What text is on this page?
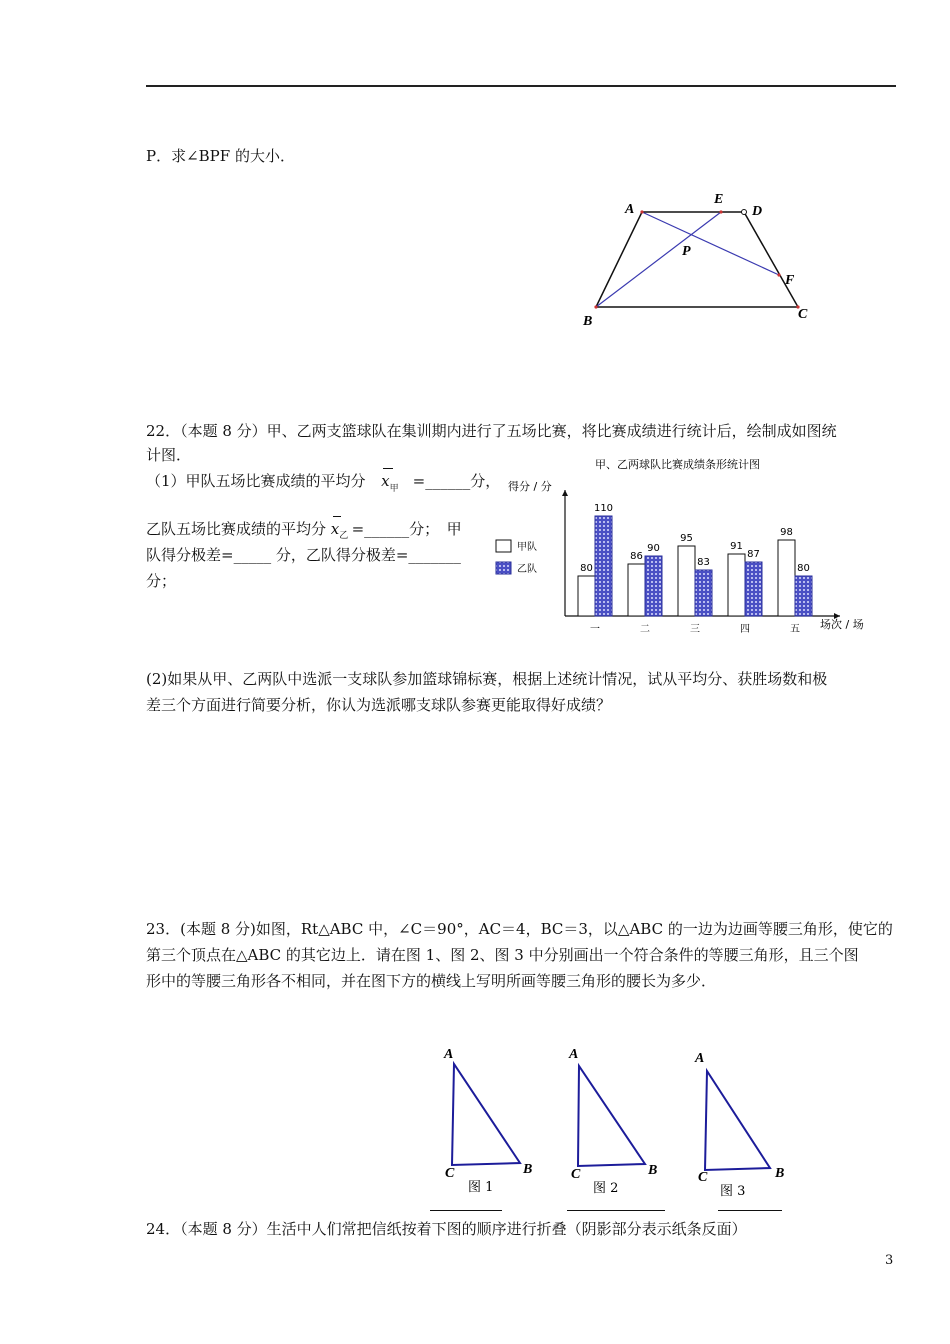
P．求∠BPF 的大小．
A
E
D
P
F
B	C
22．（本题 8 分）甲、乙两支篮球队在集训期内进行了五场比赛，将比赛成绩进行统计后，绘制成如图统
计图．
（1）甲队五场比赛成绩的平均分 $x_甲$ =______分，
乙队五场比赛成绩的平均分 $x_乙$ =______分；　甲
队得分极差=_____ 分，乙队得分极差=_______
分；
甲、乙两球队比赛成绩条形统计图
得分 / 分
场次 / 场
80
110
一
86
90
二
95
83
三
91
87
四
98
80
五
甲队
乙队
(2)如果从甲、乙两队中选派一支球队参加篮球锦标赛，根据上述统计情况，试从平均分、获胜场数和极
差三个方面进行简要分析，你认为选派哪支球队参赛更能取得好成绩？
23．(本题 8 分)如图，Rt△ABC 中，∠C＝90°，AC＝4，BC＝3，以△ABC 的一边为边画等腰三角形，使它的
第三个顶点在△ABC 的其它边上．请在图 1、图 2、图 3 中分别画出一个符合条件的等腰三角形，且三个图
形中的等腰三角形各不相同，并在图下方的横线上写明所画等腰三角形的腰长为多少．
A
C	B
图 1
A
C	B
图 2
A
C	B
图 3
24．（本题 8 分）生活中人们常把信纸按着下图的顺序进行折叠（阴影部分表示纸条反面）
3
